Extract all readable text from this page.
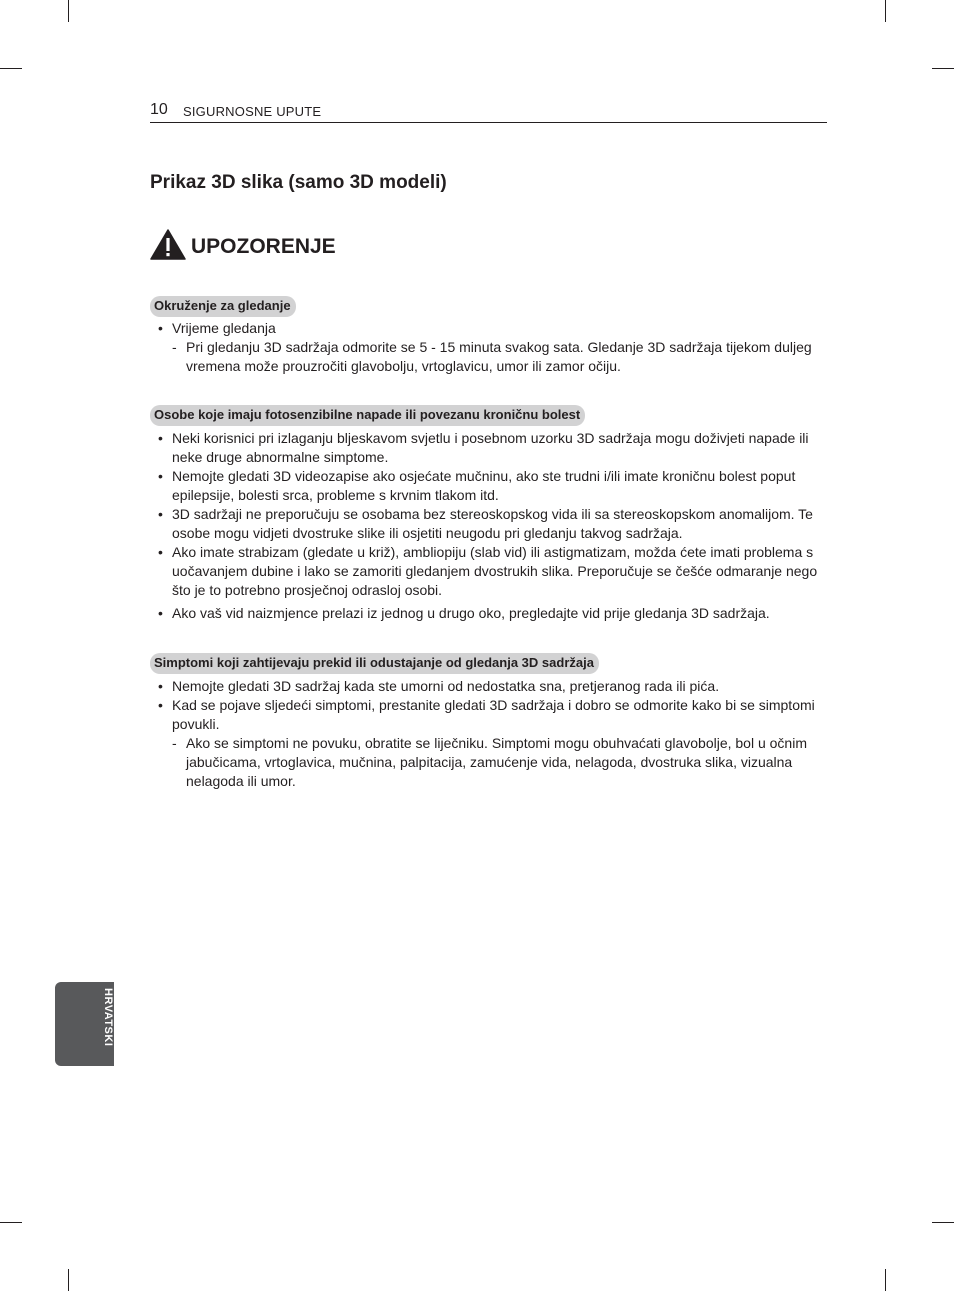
10 SIGURNOSNE UPUTE
Prikaz 3D slika (samo 3D modeli)
UPOZORENJE
Okruženje za gledanje
• Vrijeme gledanja
- Pri gledanju 3D sadržaja odmorite se 5 - 15 minuta svakog sata. Gledanje 3D sadržaja tijekom duljeg vremena može prouzročiti glavobolju, vrtoglavicu, umor ili zamor očiju.
Osobe koje imaju fotosenzibilne napade ili povezanu kroničnu bolest
• Neki korisnici pri izlaganju bljeskavom svjetlu i posebnom uzorku 3D sadržaja mogu doživjeti napade ili neke druge abnormalne simptome.
• Nemojte gledati 3D videozapise ako osjećate mučninu, ako ste trudni i/ili imate kroničnu bolest poput epilepsije, bolesti srca, probleme s krvnim tlakom itd.
• 3D sadržaji ne preporučuju se osobama bez stereoskopskog vida ili sa stereoskopskom anomalijom. Te osobe mogu vidjeti dvostruke slike ili osjetiti neugodu pri gledanju takvog sadržaja.
• Ako imate strabizam (gledate u križ), ambliopiju (slab vid) ili astigmatizam, možda ćete imati problema s uočavanjem dubine i lako se zamoriti gledanjem dvostrukih slika. Preporučuje se češće odmaranje nego što je to potrebno prosječnoj odrasloj osobi.
• Ako vaš vid naizmjence prelazi iz jednog u drugo oko, pregledajte vid prije gledanja 3D sadržaja.
Simptomi koji zahtijevaju prekid ili odustajanje od gledanja 3D sadržaja
• Nemojte gledati 3D sadržaj kada ste umorni od nedostatka sna, pretjeranog rada ili pića.
• Kad se pojave sljedeći simptomi, prestanite gledati 3D sadržaja i dobro se odmorite kako bi se simptomi povukli.
- Ako se simptomi ne povuku, obratite se liječniku. Simptomi mogu obuhvaćati glavobolje, bol u očnim jabučicama, vrtoglavica, mučnina, palpitacija, zamućenje vida, nelagoda, dvostruka slika, vizualna nelagoda ili umor.
HRVATSKI
